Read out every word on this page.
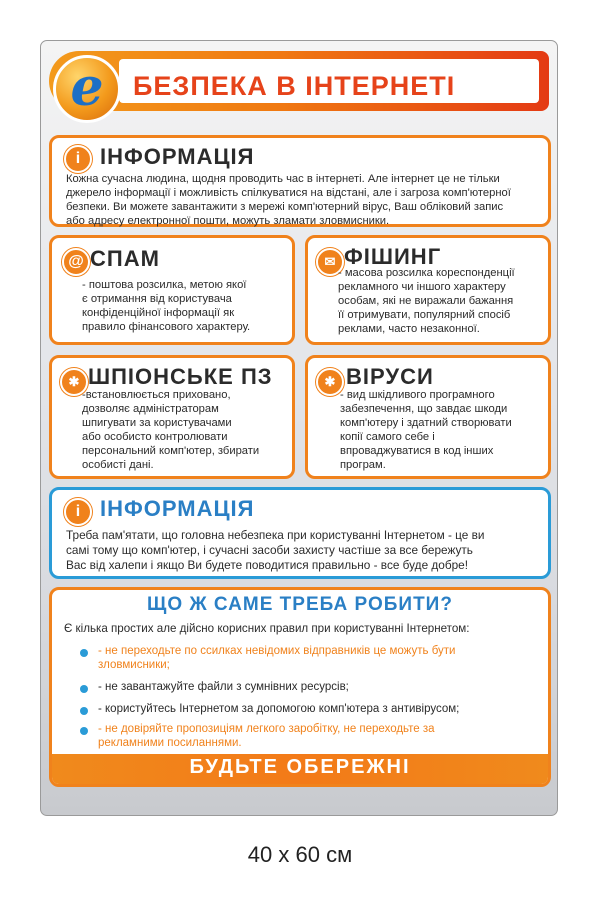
e	БЕЗПЕКА В ІНТЕРНЕТІ
i ІНФОРМАЦІЯ
Кожна сучасна людина, щодня проводить час в інтернеті. Але інтернет це не тільки
джерело інформації і можливість спілкуватися на відстані, але і загроза комп'ютерної
безпеки. Ви можете завантажити з мережі комп'ютерний вірус, Ваш обліковий запис
або адресу електронної пошти, можуть зламати зловмисники.
@ СПАМ
- поштова розсилка, метою якої
є отримання від користувача
конфіденційної інформації як
правило фінансового характеру.
✉ ФІШИНГ
- масова розсилка кореспонденції
рекламного чи іншого характеру
особам, які не виражали бажання
її отримувати, популярний спосіб
реклами, часто незаконної.
✱ ШПІОНСЬКЕ ПЗ
-встановлюється приховано,
дозволяє адміністраторам
шпигувати за користувачами
або особисто контролювати
персональний комп'ютер, збирати
особисті дані.
✱ ВІРУСИ
- вид шкідливого програмного
забезпечення, що завдає шкоди
комп'ютеру і здатний створювати
копії самого себе і
впроваджуватися в код інших
програм.
i ІНФОРМАЦІЯ
Треба пам'ятати, що головна небезпека при користуванні Інтернетом - це ви
самі тому що комп'ютер, і сучасні засоби захисту частіше за все бережуть
Вас від халепи і якщо Ви будете поводитися правильно - все буде добре!
ЩО Ж САМЕ ТРЕБА РОБИТИ?
Є кілька простих але дійсно корисних правил при користуванні Інтернетом:
- не переходьте по ссилках невідомих відправників це можуть бути
зловмисники;
- не завантажуйте файли з сумнівних ресурсів;
- користуйтесь Інтернетом за допомогою комп'ютера з антивірусом;
- не довіряйте пропозиціям легкого заробітку, не переходьте за
рекламними посиланнями.
БУДЬТЕ ОБЕРЕЖНІ
40 х 60 см
